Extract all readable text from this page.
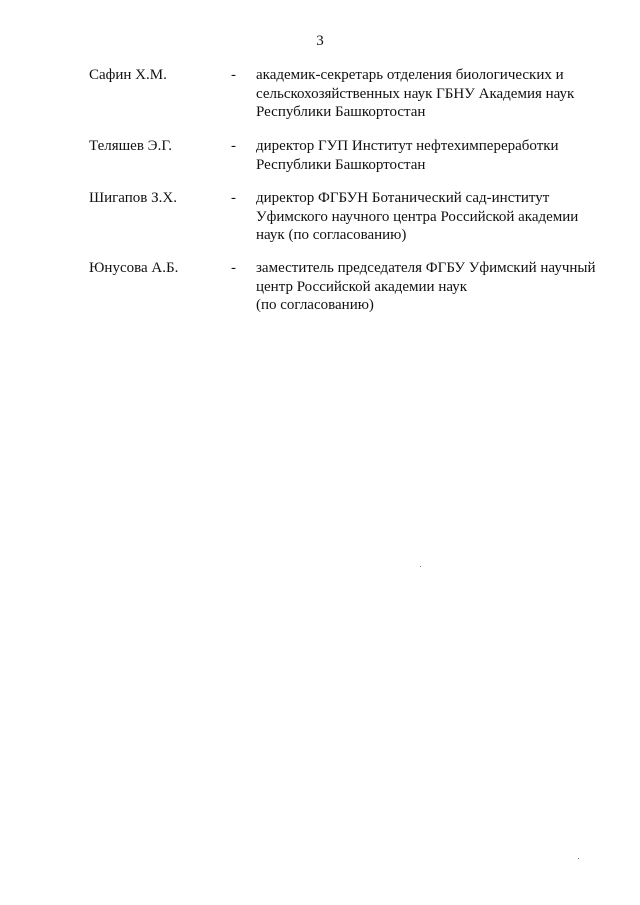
3
Сафин Х.М.	- академик-секретарь отделения биологических и
сельскохозяйственных наук ГБНУ Академия наук
Республики Башкортостан
Теляшев Э.Г.	- директор ГУП Институт нефтехимпереработки
Республики Башкортостан
Шигапов З.Х.	- директор ФГБУН Ботанический сад-институт
Уфимского научного центра Российской академии
наук (по согласованию)
Юнусова А.Б.	- заместитель председателя ФГБУ Уфимский научный
центр Российской академии наук
(по согласованию)
